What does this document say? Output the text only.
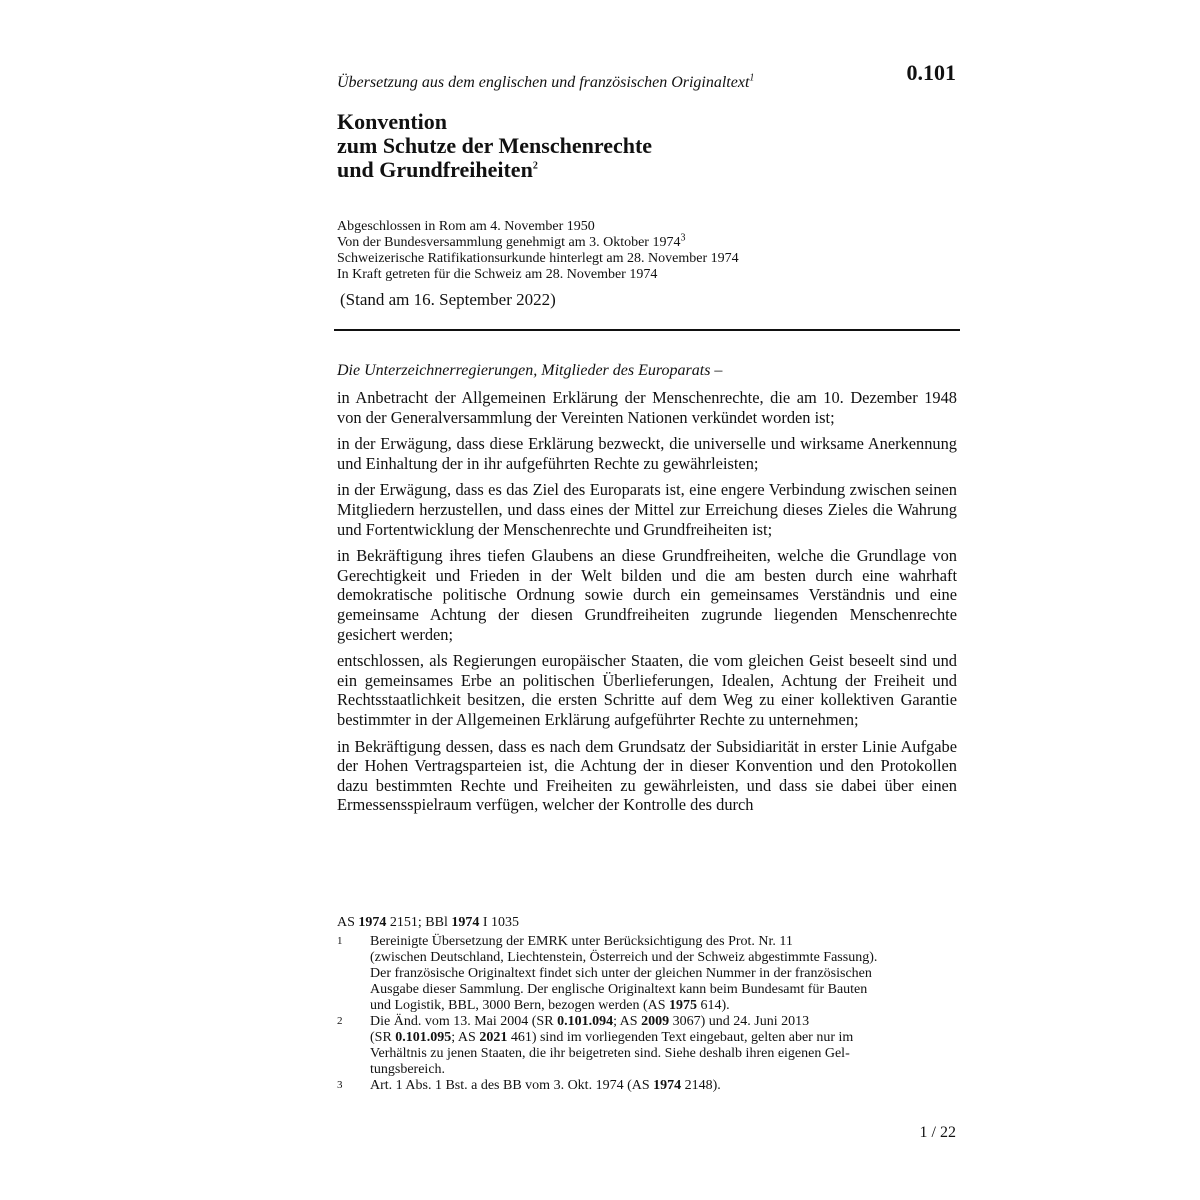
Übersetzung aus dem englischen und französischen Originaltext$^1$	0.101
Konvention
zum Schutze der Menschenrechte
und Grundfreiheiten$^2$
Abgeschlossen in Rom am 4. November 1950
Von der Bundesversammlung genehmigt am 3. Oktober 1974$^3$
Schweizerische Ratifikationsurkunde hinterlegt am 28. November 1974
In Kraft getreten für die Schweiz am 28. November 1974
(Stand am 16. September 2022)
Die Unterzeichnerregierungen, Mitglieder des Europarats –

in Anbetracht der Allgemeinen Erklärung der Menschenrechte, die am 10. Dezember 1948 von der Generalversammlung der Vereinten Nationen verkündet worden ist;

in der Erwägung, dass diese Erklärung bezweckt, die universelle und wirksame Anerkennung und Einhaltung der in ihr aufgeführten Rechte zu gewährleisten;

in der Erwägung, dass es das Ziel des Europarats ist, eine engere Verbindung zwischen seinen Mitgliedern herzustellen, und dass eines der Mittel zur Erreichung dieses Zieles die Wahrung und Fortentwicklung der Menschenrechte und Grundfreiheiten ist;

in Bekräftigung ihres tiefen Glaubens an diese Grundfreiheiten, welche die Grundlage von Gerechtigkeit und Frieden in der Welt bilden und die am besten durch eine wahrhaft demokratische politische Ordnung sowie durch ein gemeinsames Verständnis und eine gemeinsame Achtung der diesen Grundfreiheiten zugrunde liegenden Menschenrechte gesichert werden;

entschlossen, als Regierungen europäischer Staaten, die vom gleichen Geist beseelt sind und ein gemeinsames Erbe an politischen Überlieferungen, Idealen, Achtung der Freiheit und Rechtsstaatlichkeit besitzen, die ersten Schritte auf dem Weg zu einer kollektiven Garantie bestimmter in der Allgemeinen Erklärung aufgeführter Rechte zu unternehmen;

in Bekräftigung dessen, dass es nach dem Grundsatz der Subsidiarität in erster Linie Aufgabe der Hohen Vertragsparteien ist, die Achtung der in dieser Konvention und den Protokollen dazu bestimmten Rechte und Freiheiten zu gewährleisten, und dass sie dabei über einen Ermessensspielraum verfügen, welcher der Kontrolle des durch

AS 1974 2151; BBl 1974 I 1035
1	Bereinigte Übersetzung der EMRK unter Berücksichtigung des Prot. Nr. 11
(zwischen Deutschland, Liechtenstein, Österreich und der Schweiz abgestimmte Fassung).
Der französische Originaltext findet sich unter der gleichen Nummer in der französischen
Ausgabe dieser Sammlung. Der englische Originaltext kann beim Bundesamt für Bauten
und Logistik, BBL, 3000 Bern, bezogen werden (AS 1975 614).
2	Die Änd. vom 13. Mai 2004 (SR 0.101.094; AS 2009 3067) und 24. Juni 2013
(SR 0.101.095; AS 2021 461) sind im vorliegenden Text eingebaut, gelten aber nur im
Verhältnis zu jenen Staaten, die ihr beigetreten sind. Siehe deshalb ihren eigenen Gel-
tungsbereich.
3	Art. 1 Abs. 1 Bst. a des BB vom 3. Okt. 1974 (AS 1974 2148).
1 / 22
